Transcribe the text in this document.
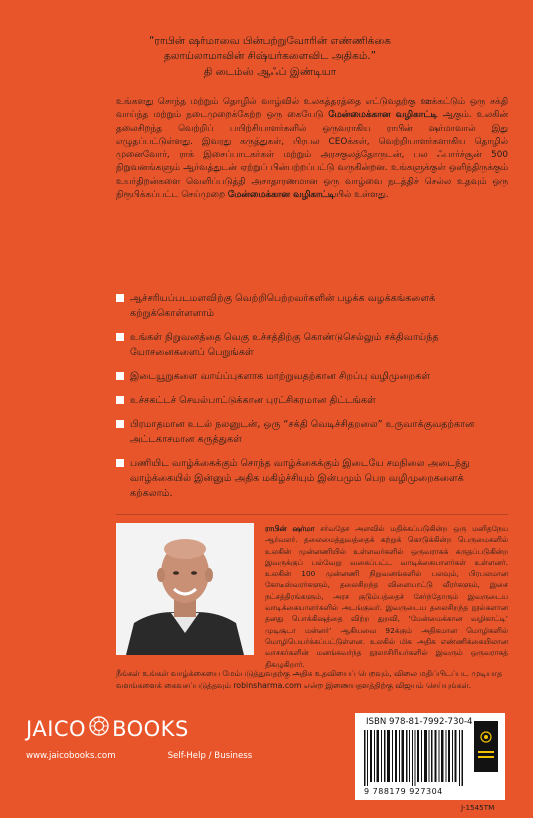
“ராபின் ஷர்மாவை பின்பற்றுவோரின் எண்ணிக்கை
தலாய்லாமாவின் சிஷ்யர்களைவிட அதிகம்.”
தி டைம்ஸ் ஆஃப் இண்டியா
உங்களது சொந்த மற்றும் தொழில் வாழ்வில் உலகத்தரத்தை எட்டுவதற்கு ஊக்கட்டும் ஒரு சக்தி வாய்ந்த மற்றும் நடைமுறைக்கேற்ற ஒரு கையேடு மேன்மைக்கான வழிகாட்டி ஆகும். உலகின் தலைசிறந்த வெற்றிப் பயிற்சியாளர்களில் ஒருவராகிய ராபின் ஷர்மாவால் இது எழுதப்பட்டுள்ளது. இவரது கருத்துகள், பிரபல CEOக்கள், வெற்றியாளர்களாகிய தொழில் முனைவோர், ராக் இசைப்பாடகர்கள் மற்றும் அரசகுலத்தோருடன், பல ஃபார்ச்சூன் 500 நிறுவனங்களும் ஆர்வத்துடன் ஏற்றுப் பின்பற்றப்பட்டு வருகின்றன. உங்களுக்குள் ஒளிந்திருக்கும் உயர்திறன்களை வெளிப்படுத்தி அசாதாரணமான ஒரு வாழ்வை நடத்திச் செல்ல உதவும் ஒரு நிரூபிக்கப்பட்ட செய்முறை மேன்மைக்கான வழிகாட்டியில் உள்ளது.
ஆச்சரியப்படமளவிற்கு வெற்றிபெற்றவர்களின் பழக்க வழக்கங்களைக் கற்றுக்கொள்ளளாம்
உங்கள் நிறுவனத்தை வெகு உச்சத்திற்கு கொண்டுசெல்லும் சக்திவாய்ந்த யோசனைகளைப் பெறுங்கள்
இடையூறுகளை வாய்ப்புகளாக மாற்றுவதற்கான சிறப்பு வழிமுறைகள்
உச்சகட்டச் செயல்பாட்டுக்கான புரட்சிகரமான திட்டங்கள்
பிரமாதமான உடல் நலனுடன், ஒரு “சக்தி வெடிச்சிதறலை” உருவாக்குவதற்கான அட்டகாசமான கருத்துகள்
பணியிட வாழ்க்கைக்கும் சொந்த வாழ்க்கைக்கும் இடையே சமநிலை அடைந்து வாழ்க்கையில் இன்னும் அதிக மகிழ்ச்சியும் இன்பமும் பெற வழிமுறைகளைக் கற்கலாம்.
ராபின் ஷர்மா சர்வதேச அளவில் மதிக்கப்படுகின்ற ஒரு மனிதநேய ஆர்வலர். தலைமைத்துவத்தைக் கற்றுக் கொடுக்கின்ற பெருமைகளில் உலகின் முன்னணியில் உள்ளவர்களில் ஒருவராகக் கருதப்படுகின்ற இவருக்குப் பல்வேறு வகைப்பட்ட வாடிக்கையாளர்கள் உள்ளனர். உலகின் 100 முன்னணி நிறுவனங்களில் பலவும், பிரபலமான கோடீஸ்வரர்களும், தலைசிறந்த விளையாட்டு வீரர்களும், இசை நட்சத்திரங்களும், அரச குடும்பத்தைச் சேர்ந்தோரும் இவருடைய வாடிக்கையாளர்களில் அடங்குவர். இவருடைய தலைசிறந்த நூல்களான தனது பொக்கிஷத்தை விற்ற துறவி, ‘மேன்மைக்கான வழிகாட்டி’ முடிசூடா மன்னர்’ ஆகியவை 92க்கும் அதிகமான மொழிகளில் மொழிபெயர்க்கப்பட்டுள்ளன. உலகில் மிக அதிக எண்ணிக்கையிலான வாசகர்களின் மனங்கவர்ந்த நூலாசிரியர்களில் இவரும் ஒருவராகத் திகழுகிறார்.
நீங்கள் உங்கள் வாழ்க்கையை மேம்படுத்துவதற்கு அதிக உதவியைப் பெறவும், விலை மதிப்பிடப்பட முடியாத வளங்களைக் கைவசப்படுத்தவும் robinsharma.com என்ற இணையதளத்திற்கு விஜயம் செய்யுங்கள்.
JAICO BOOKS
www.jaicobooks.com	Self-Help / Business
ISBN 978-81-7992-730-4
9 788179 927304
J-1545TM
